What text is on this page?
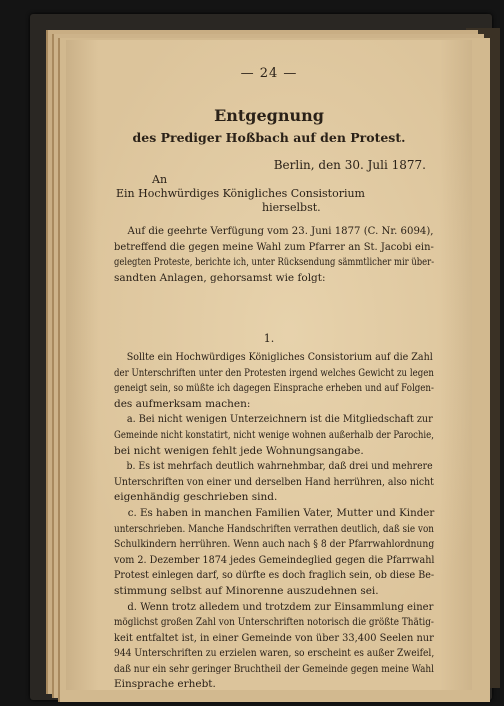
— 24 —
Entgegnung
des Prediger Hoßbach auf den Protest.
Berlin, den 30. Juli 1877.
An
Ein Hochwürdiges Königliches Consistorium
hierselbst.
Auf die geehrte Verfügung vom 23. Juni 1877 (C. Nr. 6094),
betreffend die gegen meine Wahl zum Pfarrer an St. Jacobi ein-
gelegten Proteste, berichte ich, unter Rücksendung sämmtlicher mir über-
sandten Anlagen, gehorsamst wie folgt:
1.
Sollte ein Hochwürdiges Königliches Consistorium auf die Zahl
der Unterschriften unter den Protesten irgend welches Gewicht zu legen
geneigt sein, so müßte ich dagegen Einsprache erheben und auf Folgen-
des aufmerksam machen:
a. Bei nicht wenigen Unterzeichnern ist die Mitgliedschaft zur
Gemeinde nicht konstatirt, nicht wenige wohnen außerhalb der Parochie,
bei nicht wenigen fehlt jede Wohnungsangabe.
b. Es ist mehrfach deutlich wahrnehmbar, daß drei und mehrere
Unterschriften von einer und derselben Hand herrühren, also nicht
eigenhändig geschrieben sind.
c. Es haben in manchen Familien Vater, Mutter und Kinder
unterschrieben. Manche Handschriften verrathen deutlich, daß sie von
Schulkindern herrühren. Wenn auch nach § 8 der Pfarrwahlordnung
vom 2. Dezember 1874 jedes Gemeindeglied gegen die Pfarrwahl
Protest einlegen darf, so dürfte es doch fraglich sein, ob diese Be-
stimmung selbst auf Minorenne auszudehnen sei.
d. Wenn trotz alledem und trotzdem zur Einsammlung einer
möglichst großen Zahl von Unterschriften notorisch die größte Thätig-
keit entfaltet ist, in einer Gemeinde von über 33,400 Seelen nur
944 Unterschriften zu erzielen waren, so erscheint es außer Zweifel,
daß nur ein sehr geringer Bruchtheil der Gemeinde gegen meine Wahl
Einsprache erhebt.
